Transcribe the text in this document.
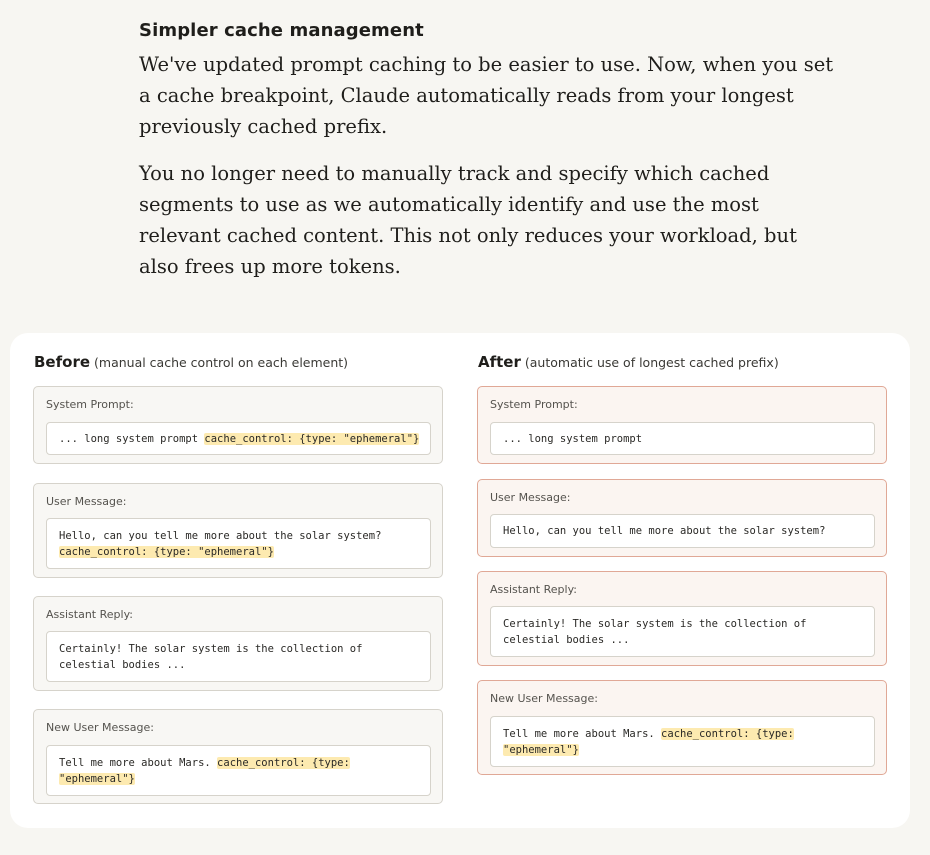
Simpler cache management

We've updated prompt caching to be easier to use. Now, when you set
a cache breakpoint, Claude automatically reads from your longest
previously cached prefix.

You no longer need to manually track and specify which cached
segments to use as we automatically identify and use the most
relevant cached content. This not only reduces your workload, but
also frees up more tokens.

Before (manual cache control on each element)
System Prompt:
... long system prompt cache_control: {type: "ephemeral"}
User Message:
Hello, can you tell me more about the solar system?
cache_control: {type: "ephemeral"}
Assistant Reply:
Certainly! The solar system is the collection of
celestial bodies ...
New User Message:
Tell me more about Mars. cache_control: {type:
"ephemeral"}
After (automatic use of longest cached prefix)
System Prompt:
... long system prompt
User Message:
Hello, can you tell me more about the solar system?
Assistant Reply:
Certainly! The solar system is the collection of
celestial bodies ...
New User Message:
Tell me more about Mars. cache_control: {type:
"ephemeral"}
